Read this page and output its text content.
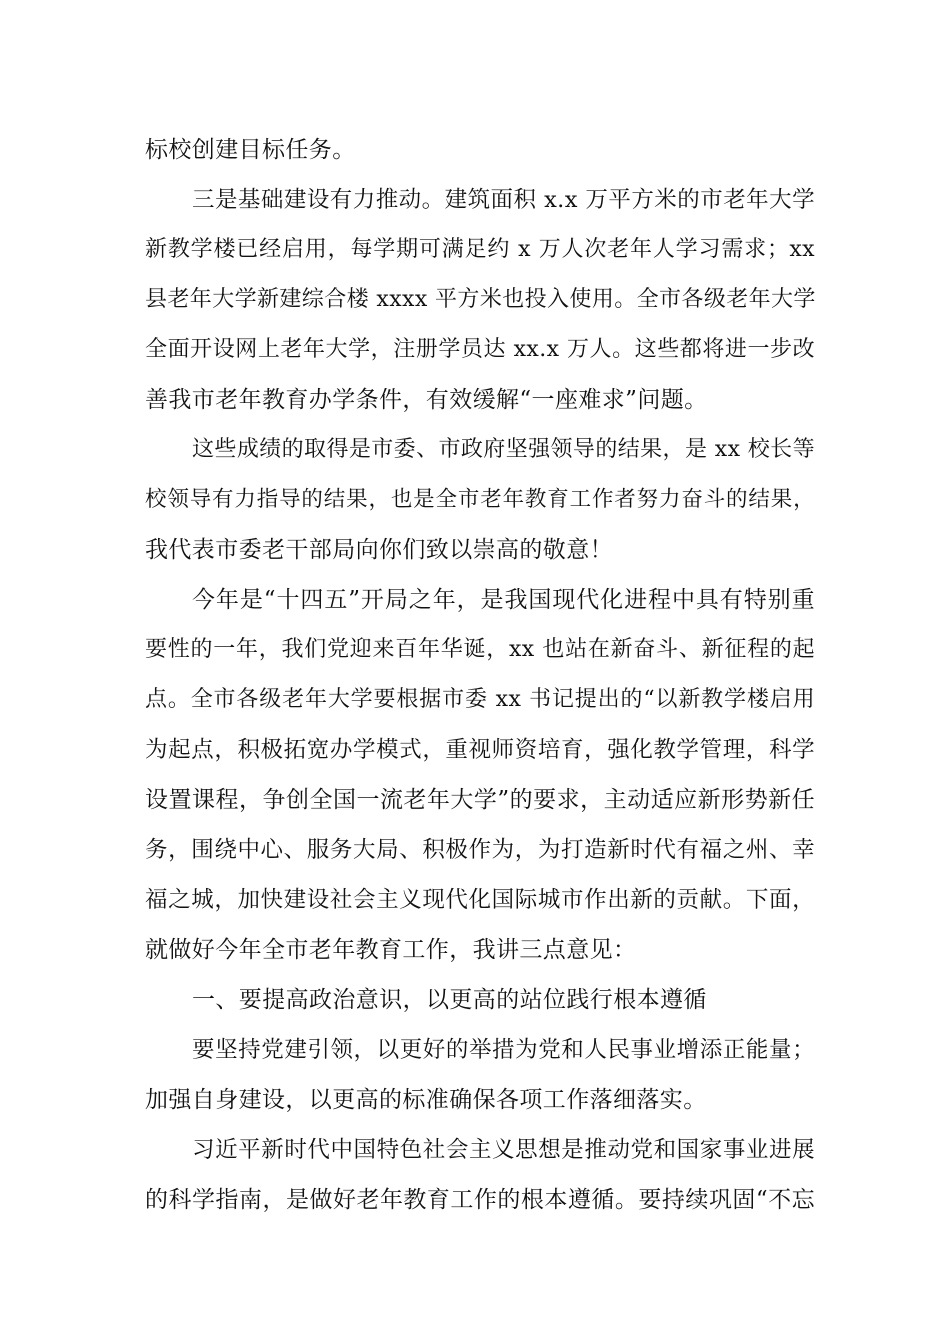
标校创建目标任务。
三是基础建设有力推动。建筑面积 x.x 万平方米的市老年大学
新教学楼已经启用，每学期可满足约 x 万人次老年人学习需求；xx
县老年大学新建综合楼 xxxx 平方米也投入使用。全市各级老年大学
全面开设网上老年大学，注册学员达 xx.x 万人。这些都将进一步改
善我市老年教育办学条件，有效缓解“一座难求”问题。
这些成绩的取得是市委、市政府坚强领导的结果，是 xx 校长等
校领导有力指导的结果，也是全市老年教育工作者努力奋斗的结果，
我代表市委老干部局向你们致以崇高的敬意！
今年是“十四五”开局之年，是我国现代化进程中具有特别重
要性的一年，我们党迎来百年华诞，xx 也站在新奋斗、新征程的起
点。全市各级老年大学要根据市委 xx 书记提出的“以新教学楼启用
为起点，积极拓宽办学模式，重视师资培育，强化教学管理，科学
设置课程，争创全国一流老年大学”的要求，主动适应新形势新任
务，围绕中心、服务大局、积极作为，为打造新时代有福之州、幸
福之城，加快建设社会主义现代化国际城市作出新的贡献。下面，
就做好今年全市老年教育工作，我讲三点意见：
一、要提高政治意识，以更高的站位践行根本遵循
要坚持党建引领，以更好的举措为党和人民事业增添正能量；
加强自身建设，以更高的标准确保各项工作落细落实。
习近平新时代中国特色社会主义思想是推动党和国家事业进展
的科学指南，是做好老年教育工作的根本遵循。要持续巩固“不忘
